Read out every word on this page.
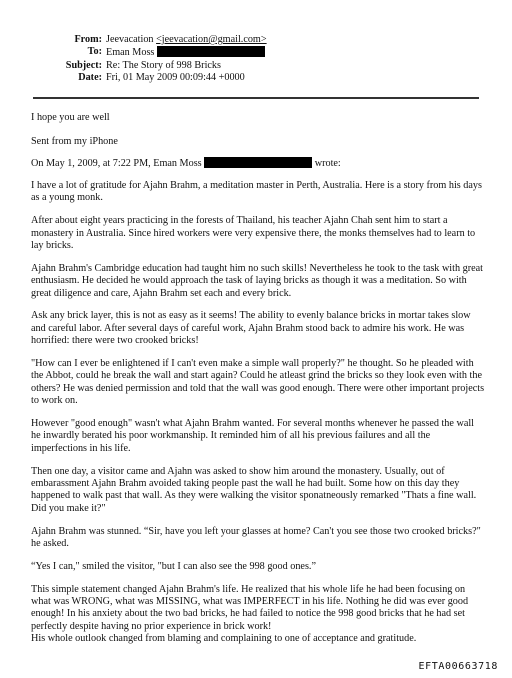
From: Jeevacation <jeevacation@gmail.com>
To: Eman Moss
Subject: Re: The Story of 998 Bricks
Date: Fri, 01 May 2009 00:09:44 +0000
I hope you are well
Sent from my iPhone
On May 1, 2009, at 7:22 PM, Eman Moss	wrote:

I have a lot of gratitude for Ajahn Brahm, a meditation master in Perth, Australia. Here is a story from his days as a young monk.

After about eight years practicing in the forests of Thailand, his teacher Ajahn Chah sent him to start a monastery in Australia. Since hired workers were very expensive there, the monks themselves had to learn to lay bricks.

Ajahn Brahm's Cambridge education had taught him no such skills! Nevertheless he took to the task with great enthusiasm. He decided he would approach the task of laying bricks as though it was a meditation. So with great diligence and care, Ajahn Brahm set each and every brick.

Ask any brick layer, this is not as easy as it seems! The ability to evenly balance bricks in mortar takes slow and careful labor. After several days of careful work, Ajahn Brahm stood back to admire his work. He was horrified: there were two crooked bricks!

"How can I ever be enlightened if I can't even make a simple wall properly?" he thought. So he pleaded with the Abbot, could he break the wall and start again? Could he atleast grind the bricks so they look even with the others? He was denied permission and told that the wall was good enough. There were other important projects to work on.

However "good enough" wasn't what Ajahn Brahm wanted. For several months whenever he passed the wall he inwardly berated his poor workmanship. It reminded him of all his previous failures and all the imperfections in his life.

Then one day, a visitor came and Ajahn was asked to show him around the monastery. Usually, out of embarassment Ajahn Brahm avoided taking people past the wall he had built. Some how on this day they happened to walk past that wall. As they were walking the visitor sponatneously remarked "Thats a fine wall. Did you make it?"

Ajahn Brahm was stunned. “Sir, have you left your glasses at home? Can't you see those two crooked bricks?" he asked.

“Yes I can," smiled the visitor, "but I can also see the 998 good ones.”

This simple statement changed Ajahn Brahm's life. He realized that his whole life he had been focusing on what was WRONG, what was MISSING, what was IMPERFECT in his life. Nothing he did was ever good enough! In his anxiety about the two bad bricks, he had failed to notice the 998 good bricks that he had set perfectly despite having no prior experience in brick work!

His whole outlook changed from blaming and complaining to one of acceptance and gratitude.

EFTA00663718
